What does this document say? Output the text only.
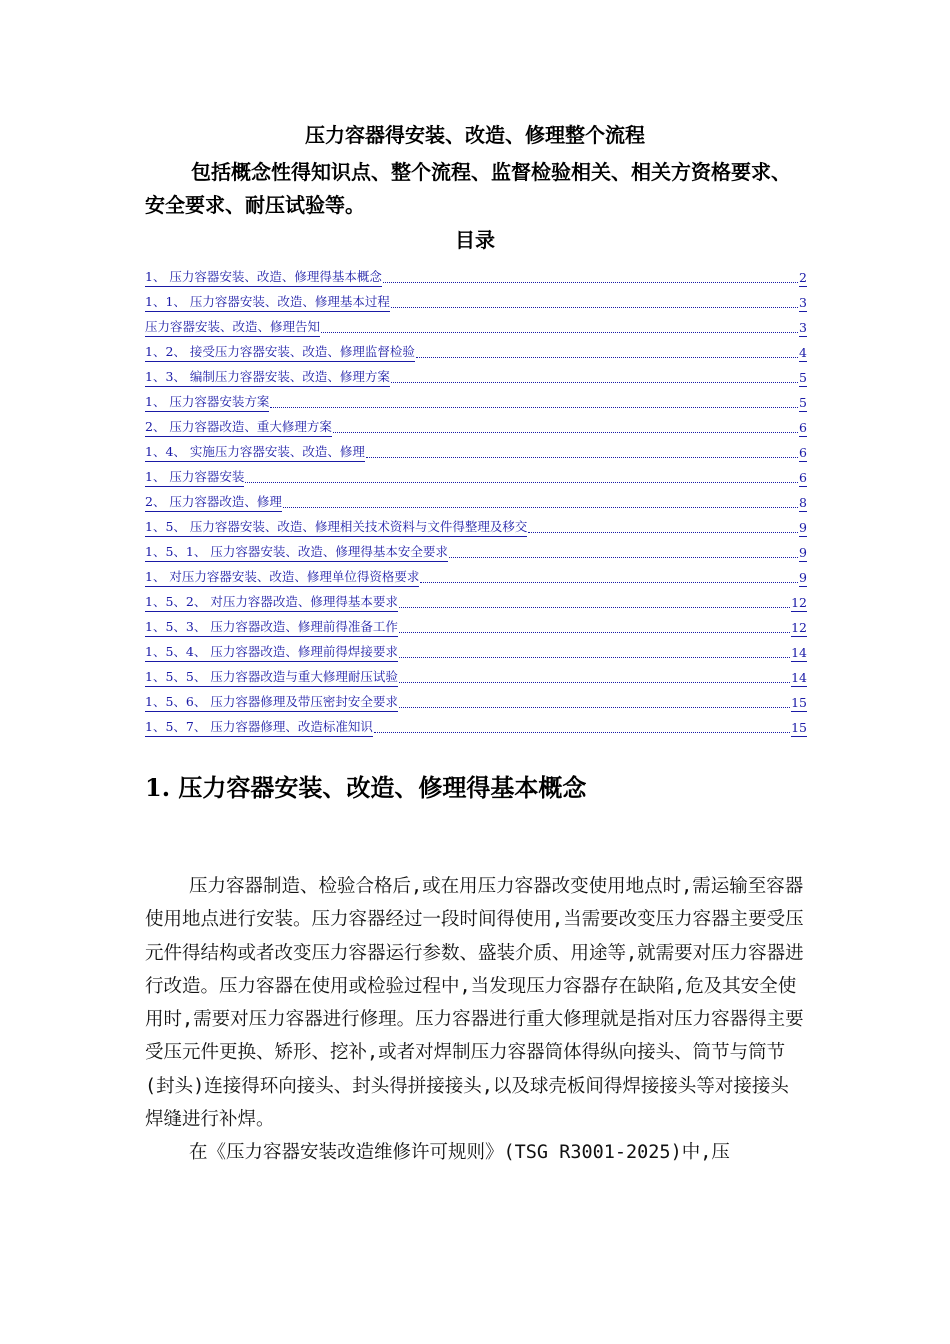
压力容器得安装、改造、修理整个流程
包括概念性得知识点、整个流程、监督检验相关、相关方资格要求、安全要求、耐压试验等。
目录
1、 压力容器安装、改造、修理得基本概念	2
1、1、 压力容器安装、改造、修理基本过程	3
压力容器安装、改造、修理告知	3
1、2、 接受压力容器安装、改造、修理监督检验	4
1、3、 编制压力容器安装、改造、修理方案	5
1、 压力容器安装方案	5
2、 压力容器改造、重大修理方案	6
1、4、 实施压力容器安装、改造、修理	6
1、 压力容器安装	6
2、 压力容器改造、修理	8
1、5、 压力容器安装、改造、修理相关技术资料与文件得整理及移交	9
1、5、1、 压力容器安装、改造、修理得基本安全要求	9
1、 对压力容器安装、改造、修理单位得资格要求	9
1、5、2、 对压力容器改造、修理得基本要求	12
1、5、3、 压力容器改造、修理前得准备工作	12
1、5、4、 压力容器改造、修理前得焊接要求	14
1、5、5、 压力容器改造与重大修理耐压试验	14
1、5、6、 压力容器修理及带压密封安全要求	15
1、5、7、 压力容器修理、改造标准知识	15
1. 压力容器安装、改造、修理得基本概念

压力容器制造、检验合格后,或在用压力容器改变使用地点时,需运输至容器使用地点进行安装。压力容器经过一段时间得使用,当需要改变压力容器主要受压元件得结构或者改变压力容器运行参数、盛装介质、用途等,就需要对压力容器进行改造。压力容器在使用或检验过程中,当发现压力容器存在缺陷,危及其安全使用时,需要对压力容器进行修理。压力容器进行重大修理就是指对压力容器得主要受压元件更换、矫形、挖补,或者对焊制压力容器筒体得纵向接头、筒节与筒节(封头)连接得环向接头、封头得拼接接头,以及球壳板间得焊接接头等对接接头焊缝进行补焊。

在《压力容器安装改造维修许可规则》(TSG R3001-2025)中,压
